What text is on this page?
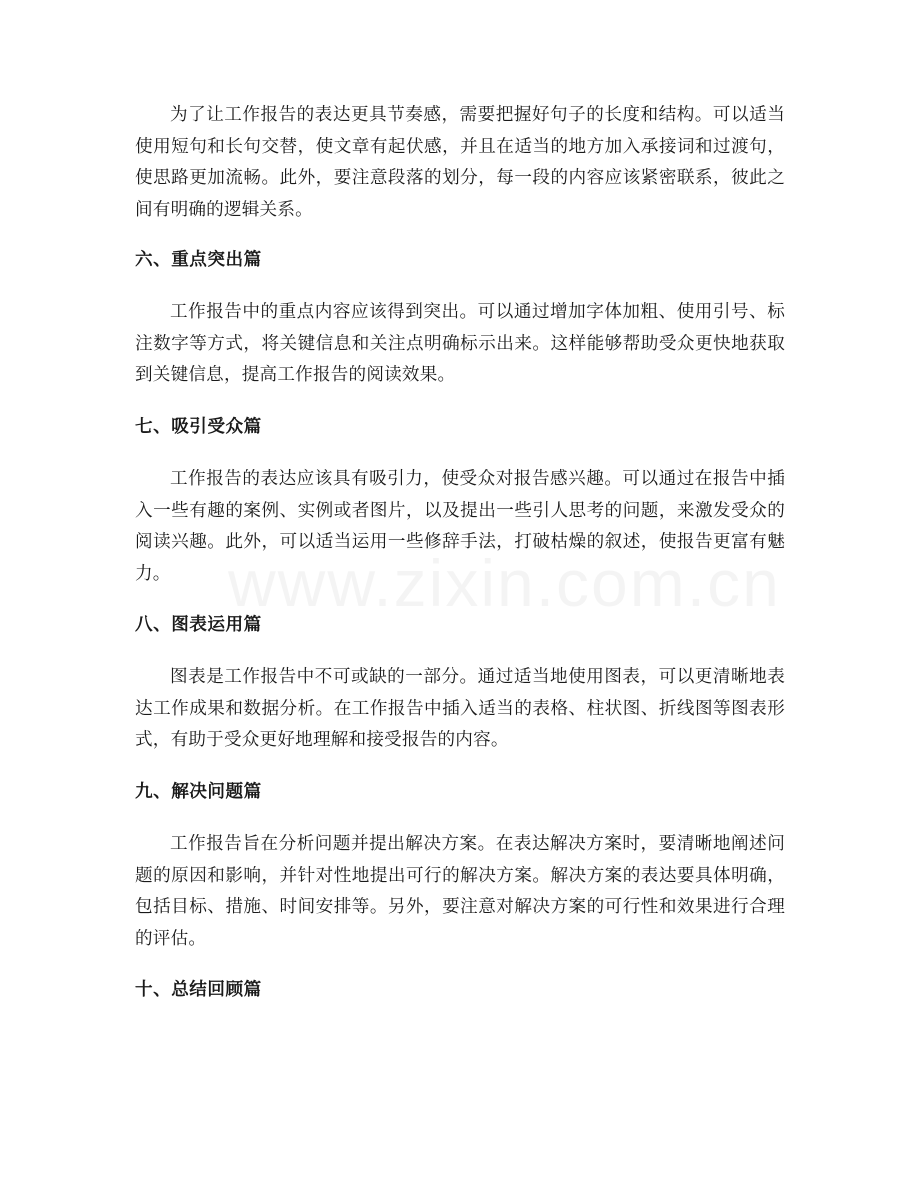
为了让工作报告的表达更具节奏感，需要把握好句子的长度和结构。可以适当使用短句和长句交替，使文章有起伏感，并且在适当的地方加入承接词和过渡句，使思路更加流畅。此外，要注意段落的划分，每一段的内容应该紧密联系，彼此之间有明确的逻辑关系。

六、重点突出篇

工作报告中的重点内容应该得到突出。可以通过增加字体加粗、使用引号、标注数字等方式，将关键信息和关注点明确标示出来。这样能够帮助受众更快地获取到关键信息，提高工作报告的阅读效果。

七、吸引受众篇

工作报告的表达应该具有吸引力，使受众对报告感兴趣。可以通过在报告中插入一些有趣的案例、实例或者图片，以及提出一些引人思考的问题，来激发受众的阅读兴趣。此外，可以适当运用一些修辞手法，打破枯燥的叙述，使报告更富有魅力。

八、图表运用篇

图表是工作报告中不可或缺的一部分。通过适当地使用图表，可以更清晰地表达工作成果和数据分析。在工作报告中插入适当的表格、柱状图、折线图等图表形式，有助于受众更好地理解和接受报告的内容。

九、解决问题篇

工作报告旨在分析问题并提出解决方案。在表达解决方案时，要清晰地阐述问题的原因和影响，并针对性地提出可行的解决方案。解决方案的表达要具体明确，包括目标、措施、时间安排等。另外，要注意对解决方案的可行性和效果进行合理的评估。

十、总结回顾篇
